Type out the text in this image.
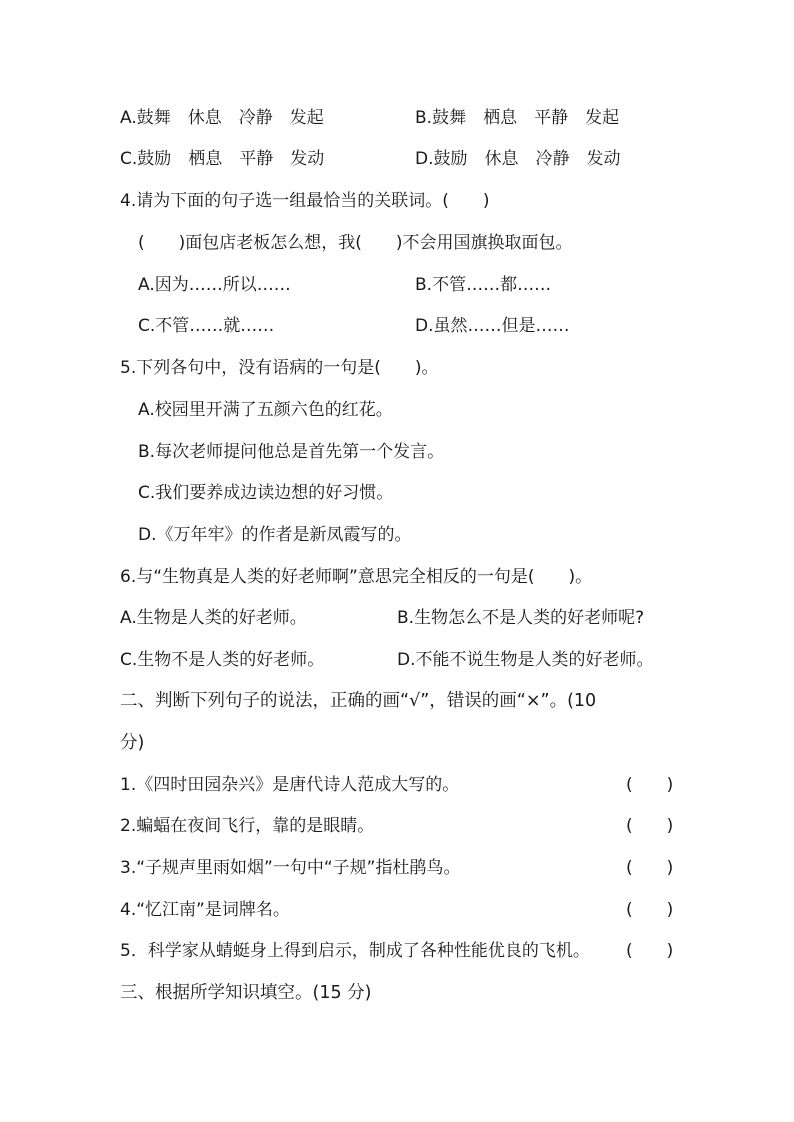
A.鼓舞　休息　冷静　发起	B.鼓舞　栖息　平静　发起
C.鼓励　栖息　平静　发动	D.鼓励　休息　冷静　发动
4.请为下面的句子选一组最恰当的关联词。(　　)
(　　)面包店老板怎么想，我(　　)不会用国旗换取面包。
A.因为……所以……	B.不管……都……
C.不管……就……	D.虽然……但是……
5.下列各句中，没有语病的一句是(　　)。
A.校园里开满了五颜六色的红花。
B.每次老师提问他总是首先第一个发言。
C.我们要养成边读边想的好习惯。
D.《万年牢》的作者是新凤霞写的。
6.与“生物真是人类的好老师啊”意思完全相反的一句是(　　)。
A.生物是人类的好老师。	B.生物怎么不是人类的好老师呢?
C.生物不是人类的好老师。	D.不能不说生物是人类的好老师。
二、判断下列句子的说法，正确的画“√”，错误的画“×”。(10
分)
1.《四时田园杂兴》是唐代诗人范成大写的。	(　　)
2.蝙蝠在夜间飞行，靠的是眼睛。	(　　)
3.“子规声里雨如烟”一句中“子规”指杜鹃鸟。	(　　)
4.“忆江南”是词牌名。	(　　)
5．科学家从蜻蜓身上得到启示，制成了各种性能优良的飞机。 (　　)
三、根据所学知识填空。(15 分)
